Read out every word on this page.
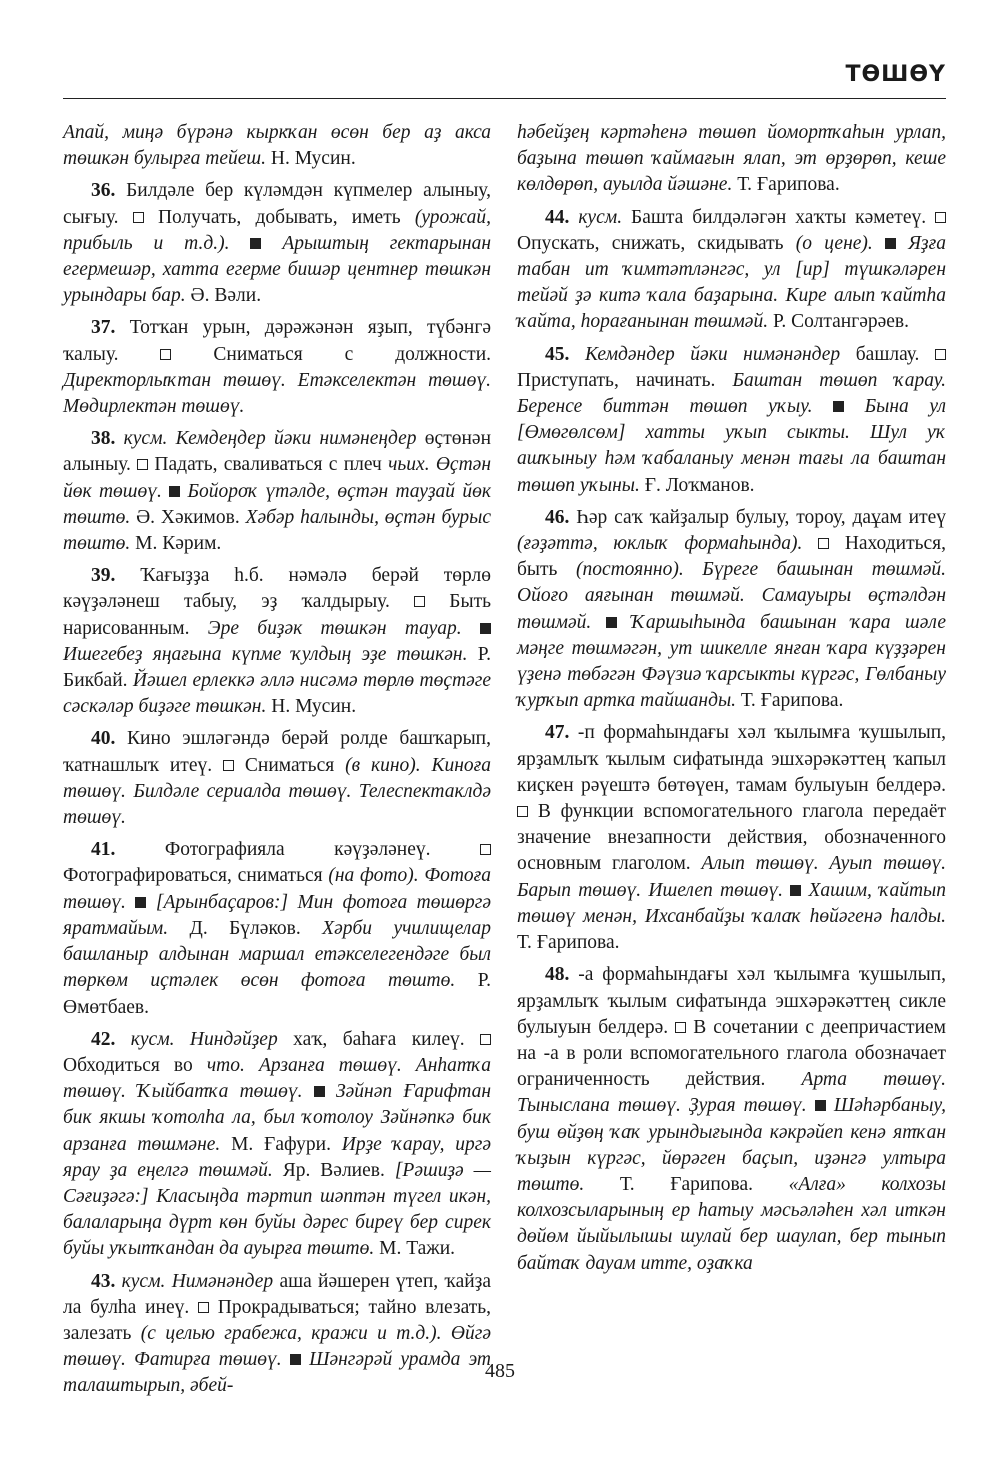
ТӨШӨҮ

Апай, миңә бүрәнә кыркҡан өсөн бер аҙ акса төшкән булырға тейеш. Н. Мусин.

36. Билдәле бер күләмдән күпмелер алыныу, сығыу. Получать, добывать, иметь (урожай, прибыль и т.д.).	Арыштың гектарынан егермешәр, хатта егерме бишәр центнер төшкән урындары бар. Ә. Вәли.

37. Тотҡан урын, дәрәжәнән яҙып, түбәнгә ҡалыу.	Сниматься с должности. Директорлыҡтан төшөү. Етәкселектән төшөү. Мөдирлектән төшөү.

38. кусм. Кемдеңдер йәки нимәнеңдер өҫтөнән алыныу. Падать, сваливаться с плеч чьих. Өҫтән йөк төшөү. Бойороҡ үтәлде, өҫтән тауҙай йөк төштө. Ә. Хәкимов. Хәбәр һалынды, өҫтән бурыс төштө. М. Кәрим.

39. Ҡағыҙҙа һ.б. нәмәлә берәй төрлө кәүҙәләнеш табыу, эҙ ҡалдырыу.	Быть нарисованным. Эре биҙәк төшкән тауар.  Ишегебеҙ яңағына күпме ҡулдың эҙе төшкән. Р. Бикбай. Йәшел ерлеккә әллә нисәмә төрлө төҫтәге сәскәләр биҙәге төшкән. Н. Мусин.

40. Кино эшләгәндә берәй ролде башҡарып, ҡатнашлыҡ итеү. Сниматься (в кино). Киноға төшөү. Билдәле сериалда төшөү. Телеспектаклдә төшөү.

41.	Фотографияла кәүҙәләнеү.  Фотографироваться, сниматься (на фото). Фотоға төшөү. [Арынбаҫаров:] Мин фотоға төшөргә яратмайым. Д. Бүләков. Хәрби училищелар башланыр алдынан маршал етәкселегендәге был төркөм иҫтәлек өсөн фотоға төштө. Р. Өмөтбаев.

42. кусм. Ниндәйҙер хаҡ, баһаға килеү.  Обходиться во что. Арзанға төшөү. Анһатҡа төшөү. Ҡыйбатҡа төшөү. Зәйнәп Ғарифтан бик якшы ҡотолһа ла, был ҡотолоу Зәйнәпкә бик арзанға төшмәне. М. Ғафури. Ирҙе ҡарау, иргә ярау ҙа еңелгә төшмәй. Яр. Вәлиев. [Рәшиҙә — Сәғиҙәгә:] Класыңда тәртип шәптән түгел икән, балаларыңа дүрт көн буйы дәрес биреү бер сирек буйы уҡытҡандан да ауырға төштө. М. Тажи.

43. кусм. Нимәнәндер аша йәшерен үтеп, ҡайҙа ла булһа инеү. Прокрадываться; тайно влезать, залезать (с целью грабежа, кражи и т.д.). Өйгә төшөү. Фатирға төшөү. Шәнгәрәй урамда эт талаштырып, әбей-

һәбейҙең кәртәһенә төшөп йомортҡаһын урлап, баҙына төшөп ҡаймағын ялап, эт өрҙөрөп, кеше көлдөрөп, ауылда йәшәне. Т. Ғарипова.

44. кусм. Башта билдәләгән хаҡты кәметеү.  Опускать, снижать, скидывать (о цене). Яҙға табан ит ҡимmәтләнгәс, ул [ир] түшкәләрен тейәй ҙә китә ҡала баҙарына. Кире алып ҡайтһа ҡайта, һорағанынан төшмәй. Р. Солтангәрәев.

45. Кемдәндер йәки нимәнәндер башлау.  Приступать, начинать. Баштан төшөп ҡарау. Беренсе биттән төшөп уҡыу.	Бына ул [Өмөгөлсөм] хатты уҡып сыкты. Шул уҡ ашҡыныу һәм ҡабаланыу менән тағы ла баштан төшөп уҡыны. Ғ. Лоҡманов.

46. Һәр саҡ ҡайҙалыр булыу, тороу, даұам итеү (ғәҙәттә, юклыҡ формаһында). Находиться, быть (постоянно). Бүреге башынан төшмәй. Ойоғо аяғынан төшмәй. Самауыры өҫтәлдән төшмәй. Ҡаршыһында башынан ҡара шәле мәңге төшмәгән, ут шикелле янған ҡара күҙҙәрен үҙенә төбәгән Фәүзиә ҡарсыкты күргәс, Гөлбаныу ҡурҡып артка тайшанды. Т. Ғарипова.

47. -п формаһындағы хәл ҡылымға ҡушылып, ярҙамлыҡ ҡылым сифатында эшхәрәкәттең ҡапыл киҫкен рәүештә бөтөүен, тамам булыуын белдерә.  В функции вспомогательного глагола передаёт значение внезапности действия, обозначенного основным глаголом. Алып төшөү. Ауып төшөү. Барып төшөү. Ишелеп төшөү. Хашим, ҡайтып төшөү менән, Ихсанбайҙы ҡалаҡ һөйәгенә һалды. Т. Ғарипова.

48. -а формаһындағы хәл ҡылымға ҡушылып, ярҙамлыҡ ҡылым сифатында эшхәрәкәттең сикле булыуын белдерә. В сочетании с деепричастием на -а в роли вспомогательного глагола обозначает ограниченность действия. Арта төшөү. Тыныслана төшөү. Ҙурая төшөү. Шәһәрбаныу, буш өйҙөң ҡаҡ урындығында кәкрәйеп кенә ятҡан ҡыҙын күргәс, йөрәген баҫып, иҙәнгә ултыра төштө. Т. Ғарипова. «Алға» колхозы колхозсыларының ер һатыу мәсьәләһен хәл иткән дөйөм йыйылышы шулай бер шаулап, бер тынып байтаҡ дауам итте, оҙаҡка

485
